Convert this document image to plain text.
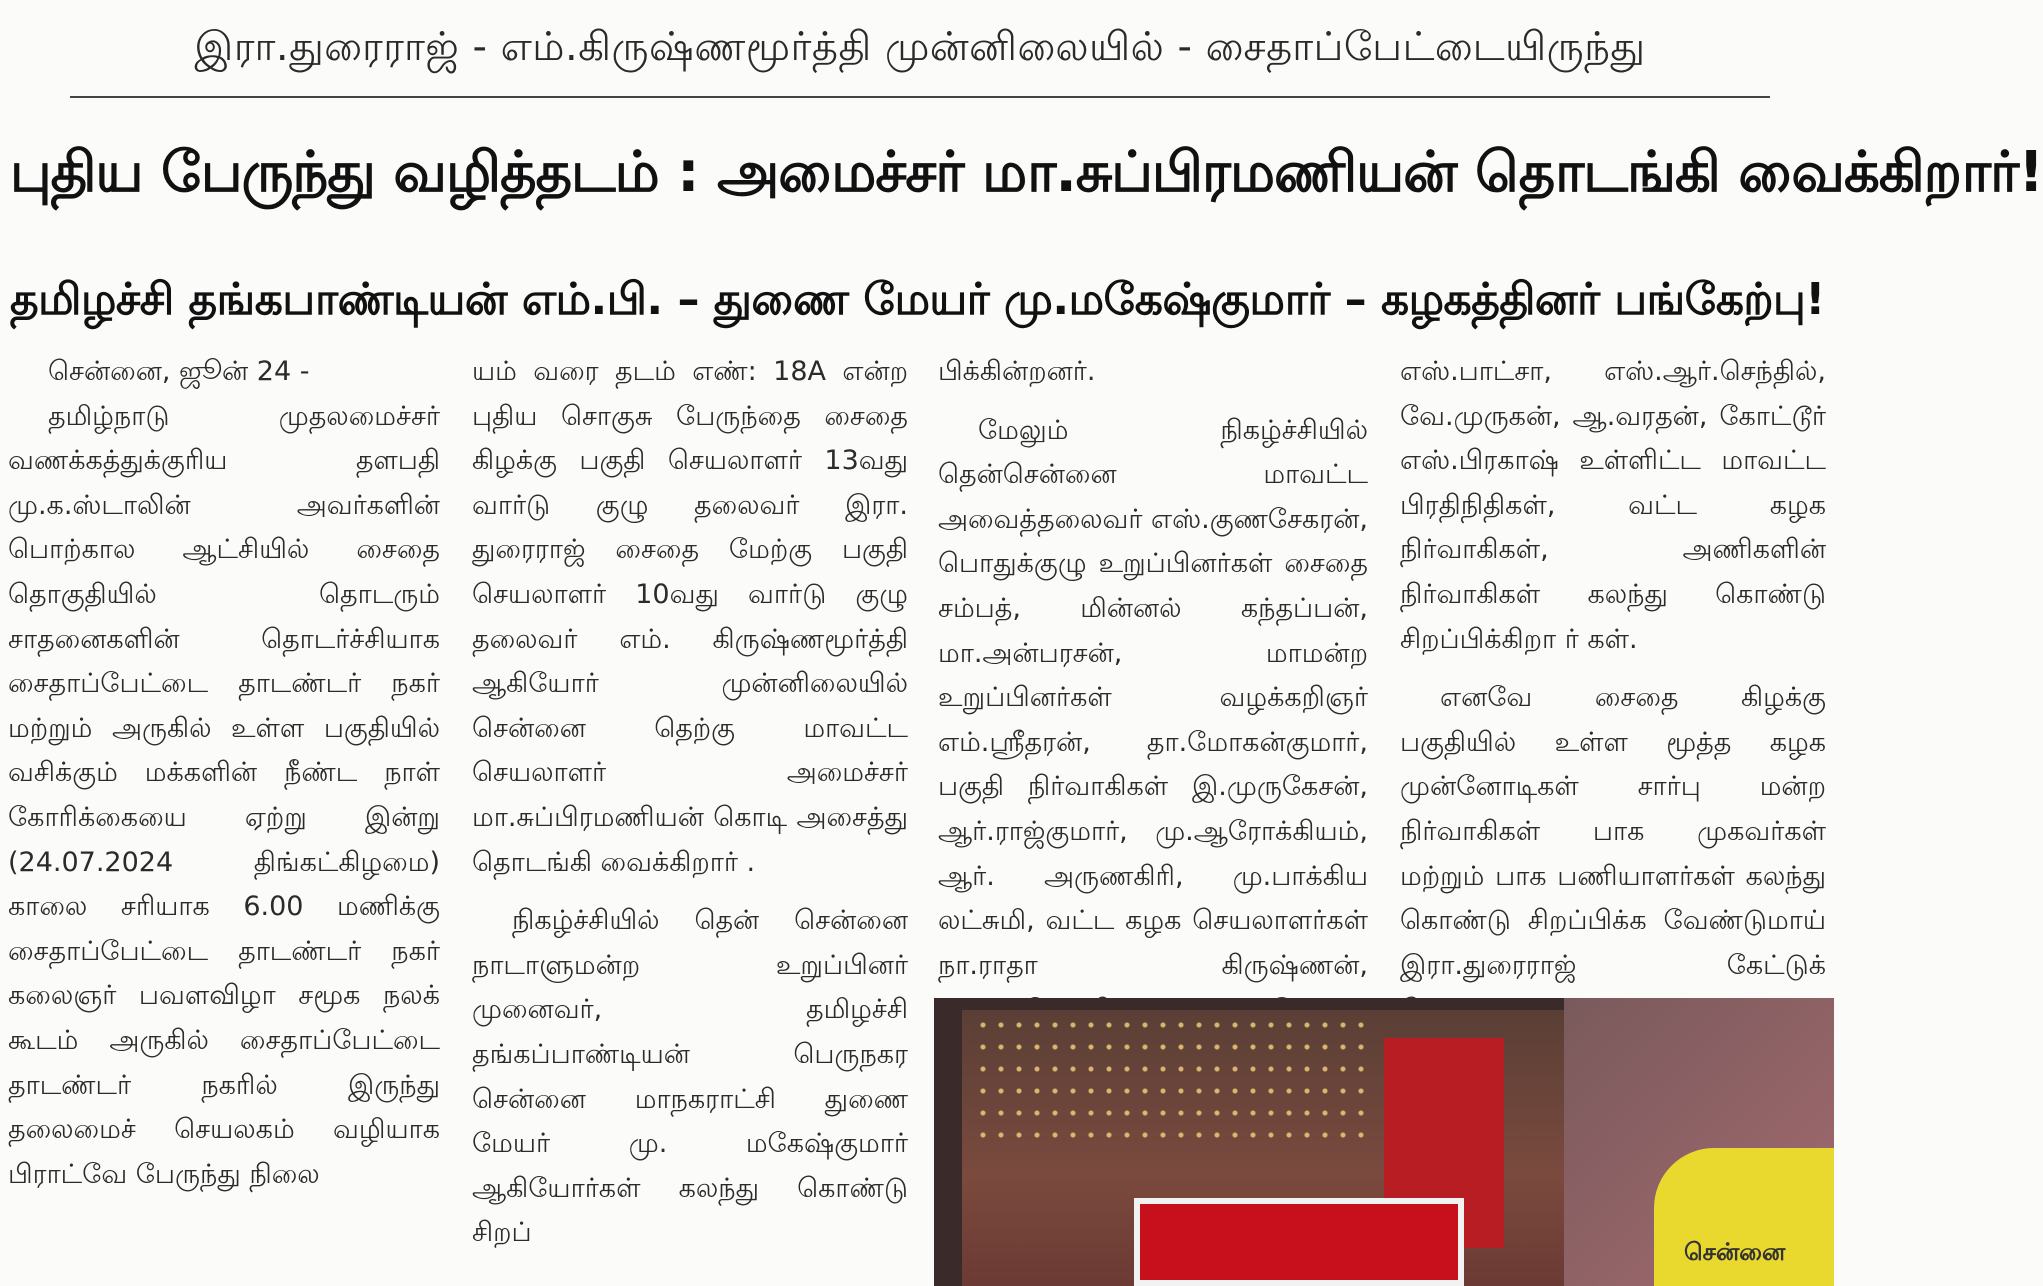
இரா.துரைராஜ் - எம்.கிருஷ்ணமூர்த்தி முன்னிலையில் - சைதாப்பேட்டையிருந்து
புதிய பேருந்து வழித்தடம் : அமைச்சர் மா.சுப்பிரமணியன் தொடங்கி வைக்கிறார்!
தமிழச்சி தங்கபாண்டியன் எம்.பி. – துணை மேயர் மு.மகேஷ்குமார் – கழகத்தினர் பங்கேற்பு!

சென்னை, ஜூன் 24 -

தமிழ்நாடு முதலமைச்சர் வணக்கத்துக்குரிய தளபதி மு.க.ஸ்டாலின் அவர்களின் பொற்கால ஆட்சியில் சைதை தொகுதியில் தொடரும் சாதனைகளின் தொடர்ச்சியாக சைதாப்பேட்டை தாடண்டர் நகர் மற்றும் அருகில் உள்ள பகுதியில் வசிக்கும் மக்களின் நீண்ட நாள் கோரிக்கையை ஏற்று இன்று (24.07.2024 திங்கட்கிழமை) காலை சரியாக 6.00 மணிக்கு சைதாப்பேட்டை தாடண்டர் நகர் கலைஞர் பவளவிழா சமூக நலக் கூடம் அருகில் சைதாப்பேட்டை தாடண்டர் நகரில் இருந்து தலைமைச் செயலகம் வழியாக பிராட்வே பேருந்து நிலை

யம் வரை தடம் எண்: 18A என்ற புதிய சொகுசு பேருந்தை சைதை கிழக்கு பகுதி செயலாளர் 13வது வார்டு குழு தலைவர் இரா. துரைராஜ் சைதை மேற்கு பகுதி செயலாளர் 10வது வார்டு குழு தலைவர் எம். கிருஷ்ணமூர்த்தி ஆகியோர் முன்னிலையில் சென்னை தெற்கு மாவட்ட செயலாளர் அமைச்சர் மா.சுப்பிரமணியன் கொடி அசைத்து தொடங்கி வைக்கிறார் .

நிகழ்ச்சியில் தென் சென்னை நாடாளுமன்ற உறுப்பினர் முனைவர், தமிழச்சி தங்கப்பாண்டியன் பெருநகர சென்னை மாநகராட்சி துணை மேயர் மு. மகேஷ்குமார் ஆகியோர்கள் கலந்து கொண்டு சிறப்

பிக்கின்றனர்.

மேலும் நிகழ்ச்சியில் தென்சென்னை மாவட்ட அவைத்தலைவர் எஸ்.குணசேகரன், பொதுக்குழு உறுப்பினர்கள் சைதை சம்பத், மின்னல் கந்தப்பன், மா.அன்பரசன், மாமன்ற உறுப்பினர்கள் வழக்கறிஞர் எம்.ஸ்ரீதரன், தா.மோகன்குமார், பகுதி நிர்வாகிகள் இ.முருகேசன், ஆர்.ராஜ்குமார், மு.ஆரோக்கியம், ஆர். அருணகிரி, மு.பாக்கிய லட்சுமி, வட்ட கழக செயலாளர்கள் நா.ராதா கிருஷ்ணன்,

எஸ்.பாட்சா, எஸ்.ஆர்.செந்தில், வே.முருகன், ஆ.வரதன், கோட்டூர் எஸ்.பிரகாஷ் உள்ளிட்ட மாவட்ட பிரதிநிதிகள், வட்ட கழக நிர்வாகிகள், அணிகளின் நிர்வாகிகள் கலந்து கொண்டு சிறப்பிக்கிறா ர் கள்.

எனவே சைதை கிழக்கு பகுதியில் உள்ள மூத்த கழக முன்னோடிகள் சார்பு மன்ற நிர்வாகிகள் பாக முகவர்கள் மற்றும் பாக பணியாளர்கள் கலந்து கொண்டு சிறப்பிக்க வேண்டுமாய் இரா.துரைராஜ் கேட்டுக்

சென்னை
